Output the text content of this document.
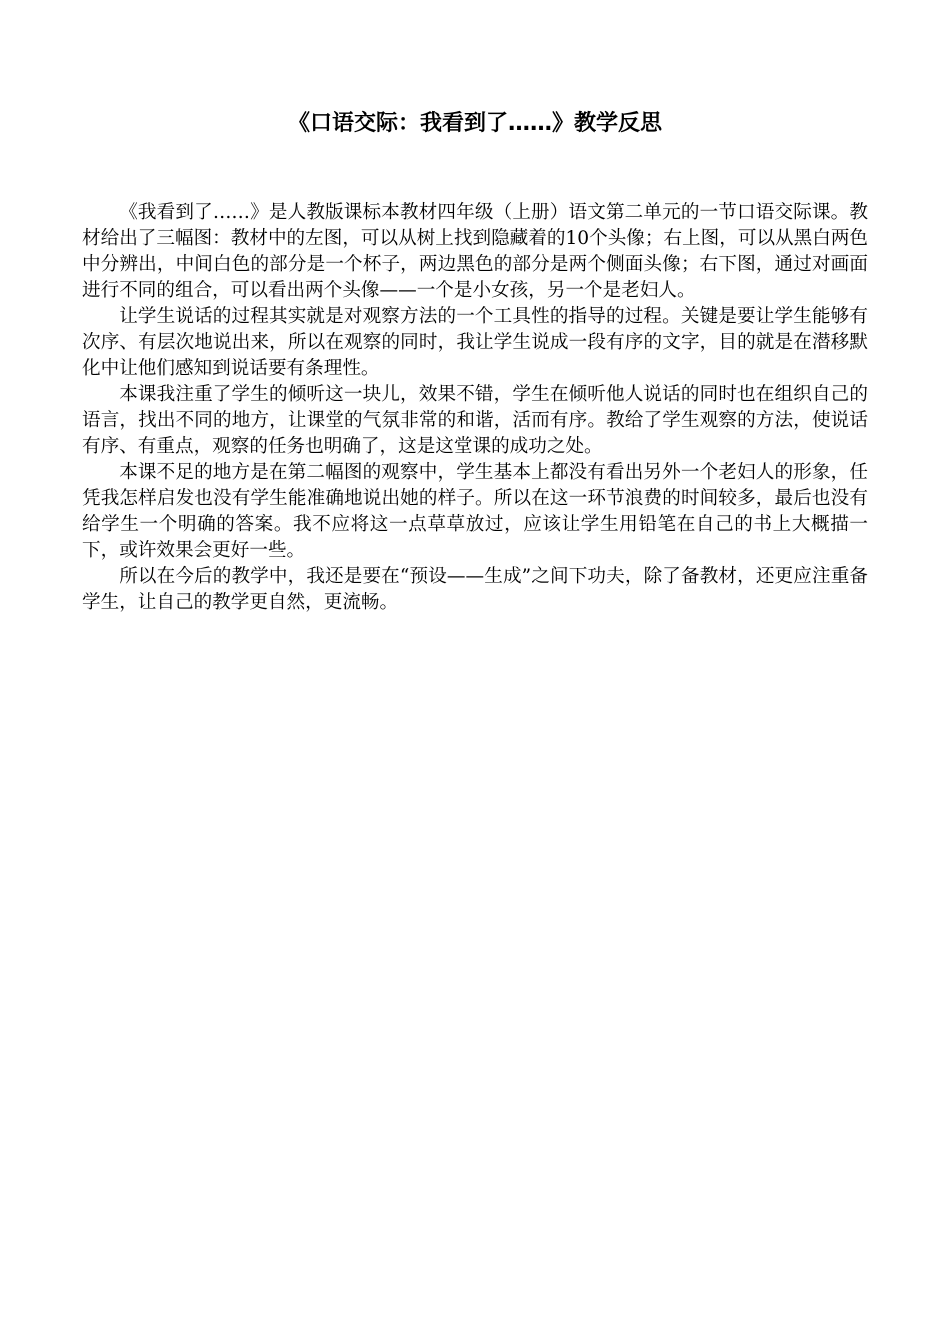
《口语交际：我看到了……》教学反思

《我看到了……》是人教版课标本教材四年级（上册）语文第二单元的一节口语交际课。教材给出了三幅图：教材中的左图，可以从树上找到隐藏着的10个头像；右上图，可以从黑白两色中分辨出，中间白色的部分是一个杯子，两边黑色的部分是两个侧面头像；右下图，通过对画面进行不同的组合，可以看出两个头像——一个是小女孩，另一个是老妇人。

让学生说话的过程其实就是对观察方法的一个工具性的指导的过程。关键是要让学生能够有次序、有层次地说出来，所以在观察的同时，我让学生说成一段有序的文字，目的就是在潜移默化中让他们感知到说话要有条理性。

本课我注重了学生的倾听这一块儿，效果不错，学生在倾听他人说话的同时也在组织自己的语言，找出不同的地方，让课堂的气氛非常的和谐，活而有序。教给了学生观察的方法，使说话有序、有重点，观察的任务也明确了，这是这堂课的成功之处。

本课不足的地方是在第二幅图的观察中，学生基本上都没有看出另外一个老妇人的形象，任凭我怎样启发也没有学生能准确地说出她的样子。所以在这一环节浪费的时间较多，最后也没有给学生一个明确的答案。我不应将这一点草草放过，应该让学生用铅笔在自己的书上大概描一下，或许效果会更好一些。

所以在今后的教学中，我还是要在“预设——生成”之间下功夫，除了备教材，还更应注重备学生，让自己的教学更自然，更流畅。
